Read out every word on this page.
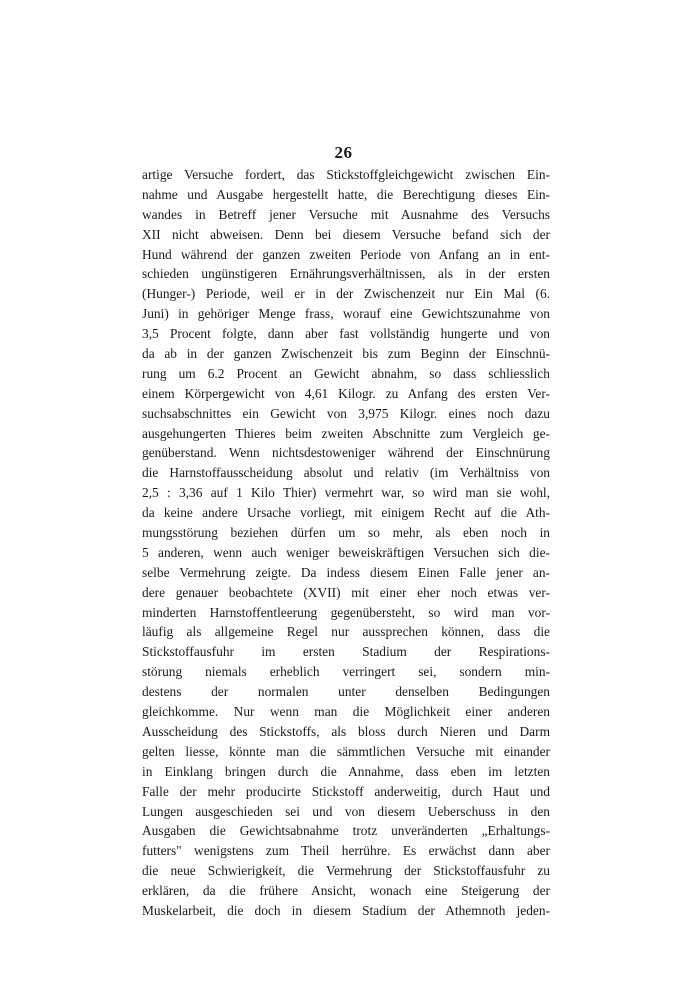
26
artige Versuche fordert, das Stickstoffgleichgewicht zwischen Ein-
nahme und Ausgabe hergestellt hatte, die Berechtigung dieses Ein-
wandes in Betreff jener Versuche mit Ausnahme des Versuchs
XII nicht abweisen. Denn bei diesem Versuche befand sich der
Hund während der ganzen zweiten Periode von Anfang an in ent-
schieden ungünstigeren Ernährungsverhältnissen, als in der ersten
(Hunger-) Periode, weil er in der Zwischenzeit nur Ein Mal (6.
Juni) in gehöriger Menge frass, worauf eine Gewichtszunahme von
3,5 Procent folgte, dann aber fast vollständig hungerte und von
da ab in der ganzen Zwischenzeit bis zum Beginn der Einschnü-
rung um 6.2 Procent an Gewicht abnahm, so dass schliesslich
einem Körpergewicht von 4,61 Kilogr. zu Anfang des ersten Ver-
suchsabschnittes ein Gewicht von 3,975 Kilogr. eines noch dazu
ausgehungerten Thieres beim zweiten Abschnitte zum Vergleich ge-
genüberstand. Wenn nichtsdestoweniger während der Einschnürung
die Harnstoffausscheidung absolut und relativ (im Verhältniss von
2,5 : 3,36 auf 1 Kilo Thier) vermehrt war, so wird man sie wohl,
da keine andere Ursache vorliegt, mit einigem Recht auf die Ath-
mungsstörung beziehen dürfen um so mehr, als eben noch in
5 anderen, wenn auch weniger beweiskräftigen Versuchen sich die-
selbe Vermehrung zeigte. Da indess diesem Einen Falle jener an-
dere genauer beobachtete (XVII) mit einer eher noch etwas ver-
minderten Harnstoffentleerung gegenübersteht, so wird man vor-
läufig als allgemeine Regel nur aussprechen können, dass die
Stickstoffausfuhr im ersten Stadium der Respirations-
störung niemals erheblich verringert sei, sondern min-
destens der normalen unter denselben Bedingungen
gleichkomme. Nur wenn man die Möglichkeit einer anderen
Ausscheidung des Stickstoffs, als bloss durch Nieren und Darm
gelten liesse, könnte man die sämmtlichen Versuche mit einander
in Einklang bringen durch die Annahme, dass eben im letzten
Falle der mehr producirte Stickstoff anderweitig, durch Haut und
Lungen ausgeschieden sei und von diesem Ueberschuss in den
Ausgaben die Gewichtsabnahme trotz unveränderten „Erhaltungs-
futters" wenigstens zum Theil herrühre. Es erwächst dann aber
die neue Schwierigkeit, die Vermehrung der Stickstoffausfuhr zu
erklären, da die frühere Ansicht, wonach eine Steigerung der
Muskelarbeit, die doch in diesem Stadium der Athemnoth jeden-
